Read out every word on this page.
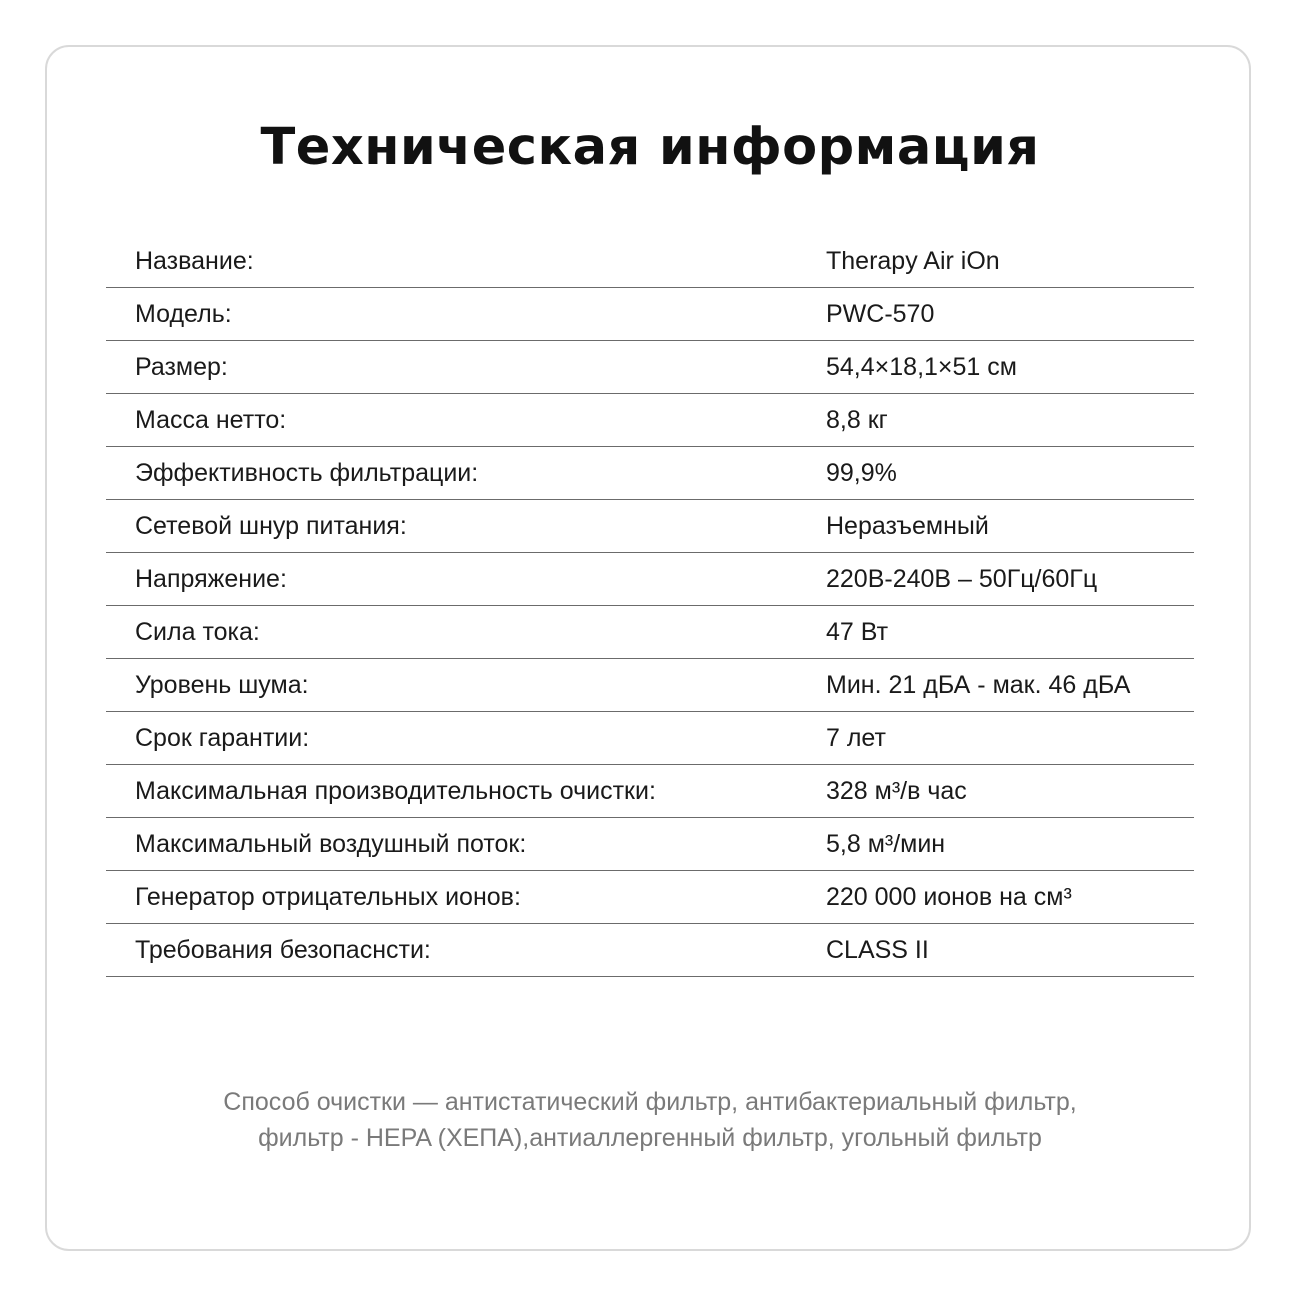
Техническая информация
Название:	Therapy Air iOn
Модель:	PWC-570
Размер:	54,4×18,1×51 см
Масса нетто:	8,8 кг
Эффективность фильтрации:	99,9%
Сетевой шнур питания:	Неразъемный
Напряжение:	220В-240В – 50Гц/60Гц
Сила тока:	47 Вт
Уровень шума:	Мин. 21 дБА - мак. 46 дБА
Срок гарантии:	7 лет
Максимальная производительность очистки:	328 м³/в час
Максимальный воздушный поток:	5,8 м³/мин
Генератор отрицательных ионов:	220 000 ионов на см³
Требования безопаснсти:	CLASS II
Способ очистки — антистатический фильтр, антибактериальный фильтр,
фильтр - HEPA (ХЕПА),антиаллергенный фильтр, угольный фильтр
